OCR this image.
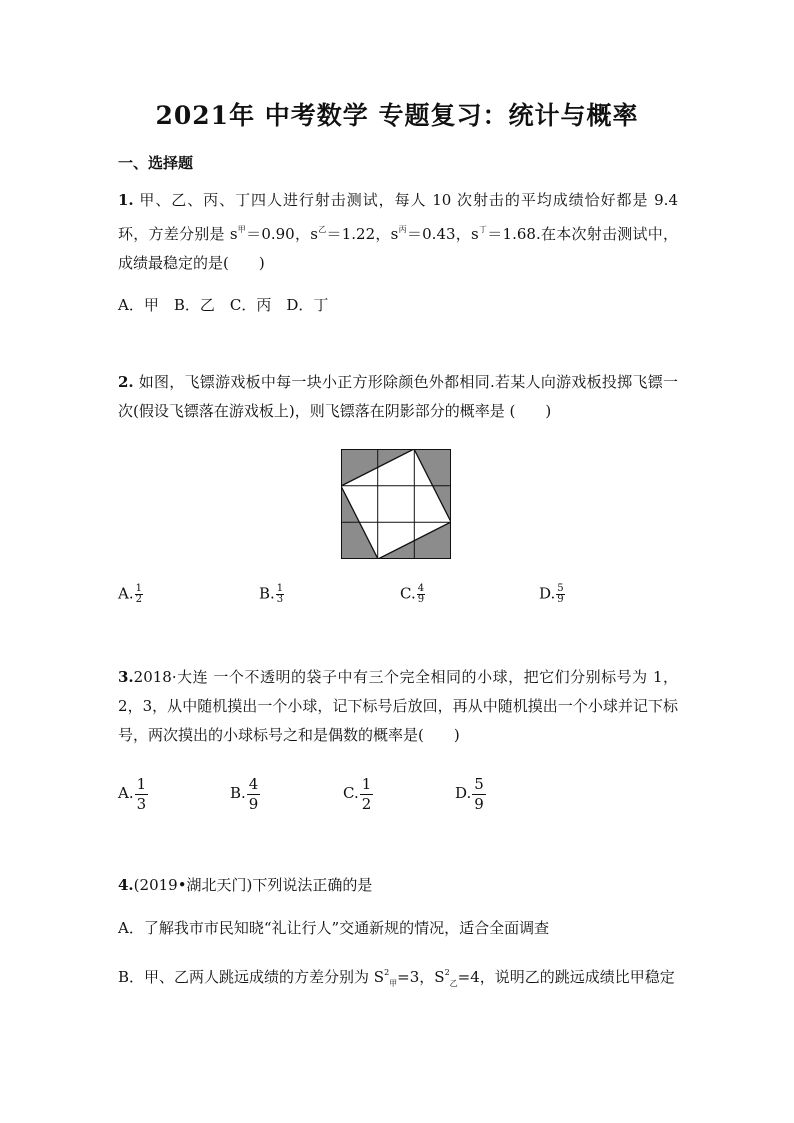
2021年 中考数学 专题复习：统计与概率
一、选择题
1. 甲、乙、丙、丁四人进行射击测试，每人 10 次射击的平均成绩恰好都是 9.4 环，方差分别是 $s^甲=0.90$，$s^乙=1.22$，$s^丙=0.43$，$s^丁=1.68$.在本次射击测试中，成绩最稳定的是(　　)
A．甲　B．乙　C．丙　D．丁
2. 如图，飞镖游戏板中每一块小正方形除颜色外都相同.若某人向游戏板投掷飞镖一次(假设飞镖落在游戏板上)，则飞镖落在阴影部分的概率是 (　　)
A. $\frac{1}{2}$	B. $\frac{1}{3}$	C. $\frac{4}{9}$	D. $\frac{5}{9}$
3.2018·大连 一个不透明的袋子中有三个完全相同的小球，把它们分别标号为 1，2，3，从中随机摸出一个小球，记下标号后放回，再从中随机摸出一个小球并记下标号，两次摸出的小球标号之和是偶数的概率是(　　)
A. $\frac{1}{3}$	B. $\frac{4}{9}$	C. $\frac{1}{2}$	D. $\frac{5}{9}$
4.(2019•湖北天门)下列说法正确的是
A．了解我市市民知晓“礼让行人”交通新规的情况，适合全面调查
B．甲、乙两人跳远成绩的方差分别为 $S^2_甲=3$，$S^2_乙=4$，说明乙的跳远成绩比甲稳定
